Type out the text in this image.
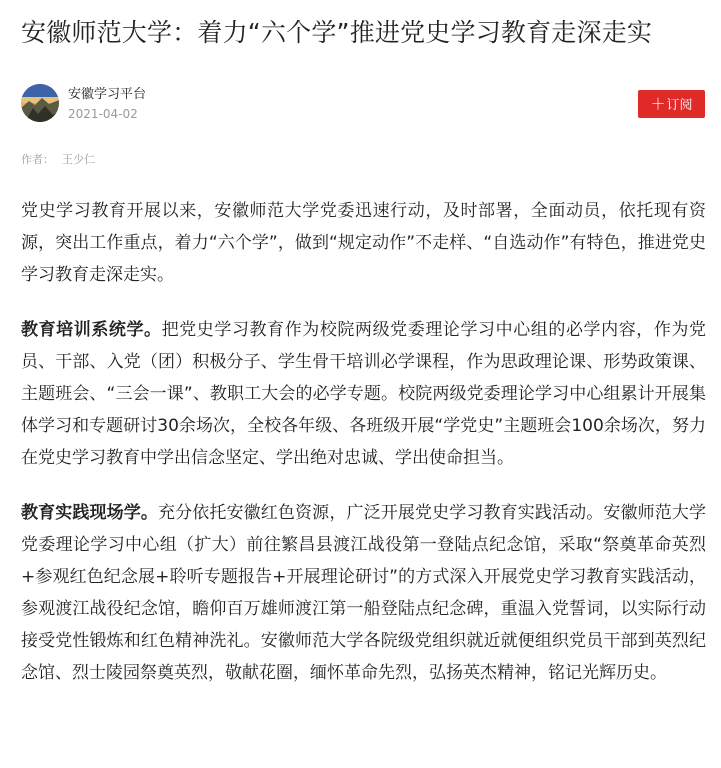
安徽师范大学：着力“六个学”推进党史学习教育走深走实
安徽学习平台
2021-04-02
＋订阅
作者： 王少仁

党史学习教育开展以来，安徽师范大学党委迅速行动，及时部署，全面动员，依托现有资源，突出工作重点，着力“六个学”，做到“规定动作”不走样、“自选动作”有特色，推进党史学习教育走深走实。

教育培训系统学。把党史学习教育作为校院两级党委理论学习中心组的必学内容，作为党员、干部、入党（团）积极分子、学生骨干培训必学课程，作为思政理论课、形势政策课、主题班会、“三会一课”、教职工大会的必学专题。校院两级党委理论学习中心组累计开展集体学习和专题研讨30余场次，全校各年级、各班级开展“学党史”主题班会100余场次，努力在党史学习教育中学出信念坚定、学出绝对忠诚、学出使命担当。

教育实践现场学。充分依托安徽红色资源，广泛开展党史学习教育实践活动。安徽师范大学党委理论学习中心组（扩大）前往繁昌县渡江战役第一登陆点纪念馆，采取“祭奠革命英烈+参观红色纪念展+聆听专题报告+开展理论研讨”的方式深入开展党史学习教育实践活动，参观渡江战役纪念馆，瞻仰百万雄师渡江第一船登陆点纪念碑，重温入党誓词，以实际行动接受党性锻炼和红色精神洗礼。安徽师范大学各院级党组织就近就便组织党员干部到英烈纪念馆、烈士陵园祭奠英烈，敬献花圈，缅怀革命先烈，弘扬英杰精神，铭记光辉历史。
